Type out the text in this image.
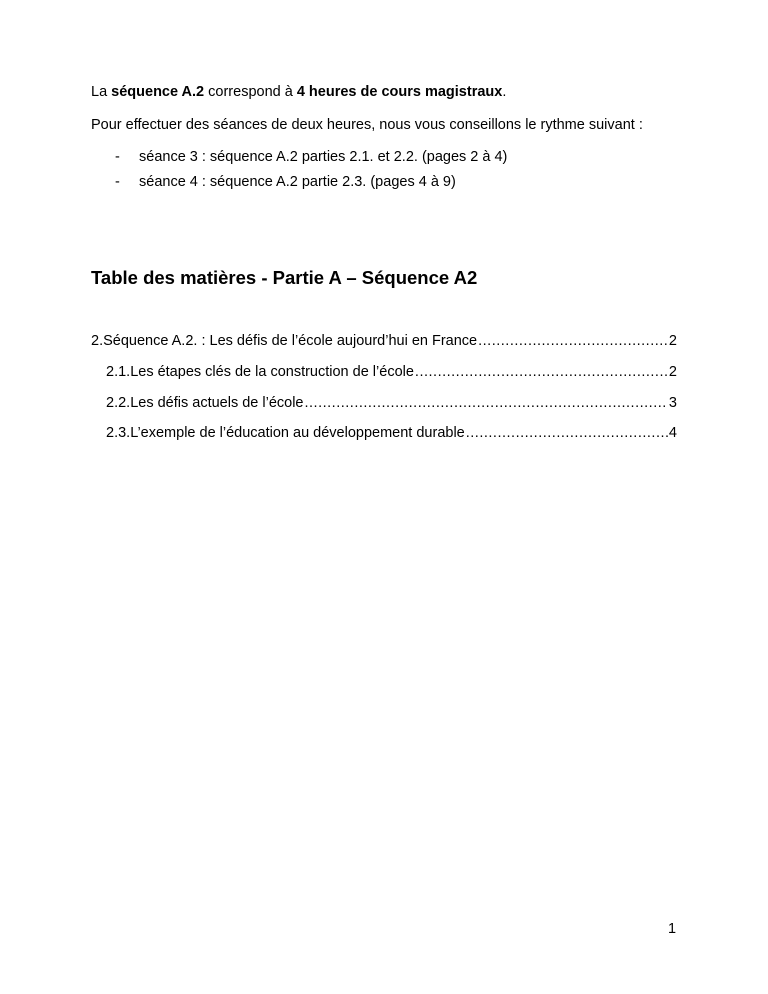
La séquence A.2 correspond à 4 heures de cours magistraux.
Pour effectuer des séances de deux heures, nous vous conseillons le rythme suivant :
- séance 3 : séquence A.2 parties 2.1. et 2.2. (pages 2 à 4)
- séance 4 : séquence A.2 partie 2.3. (pages 4 à 9)
Table des matières - Partie A – Séquence A2
2. Séquence A.2. : Les défis de l’école aujourd’hui en France .....	2
2.1. Les étapes clés de la construction de l’école .....	2
2.2. Les défis actuels de l’école .....	3
2.3. L’exemple de l’éducation au développement durable .....	4
1
